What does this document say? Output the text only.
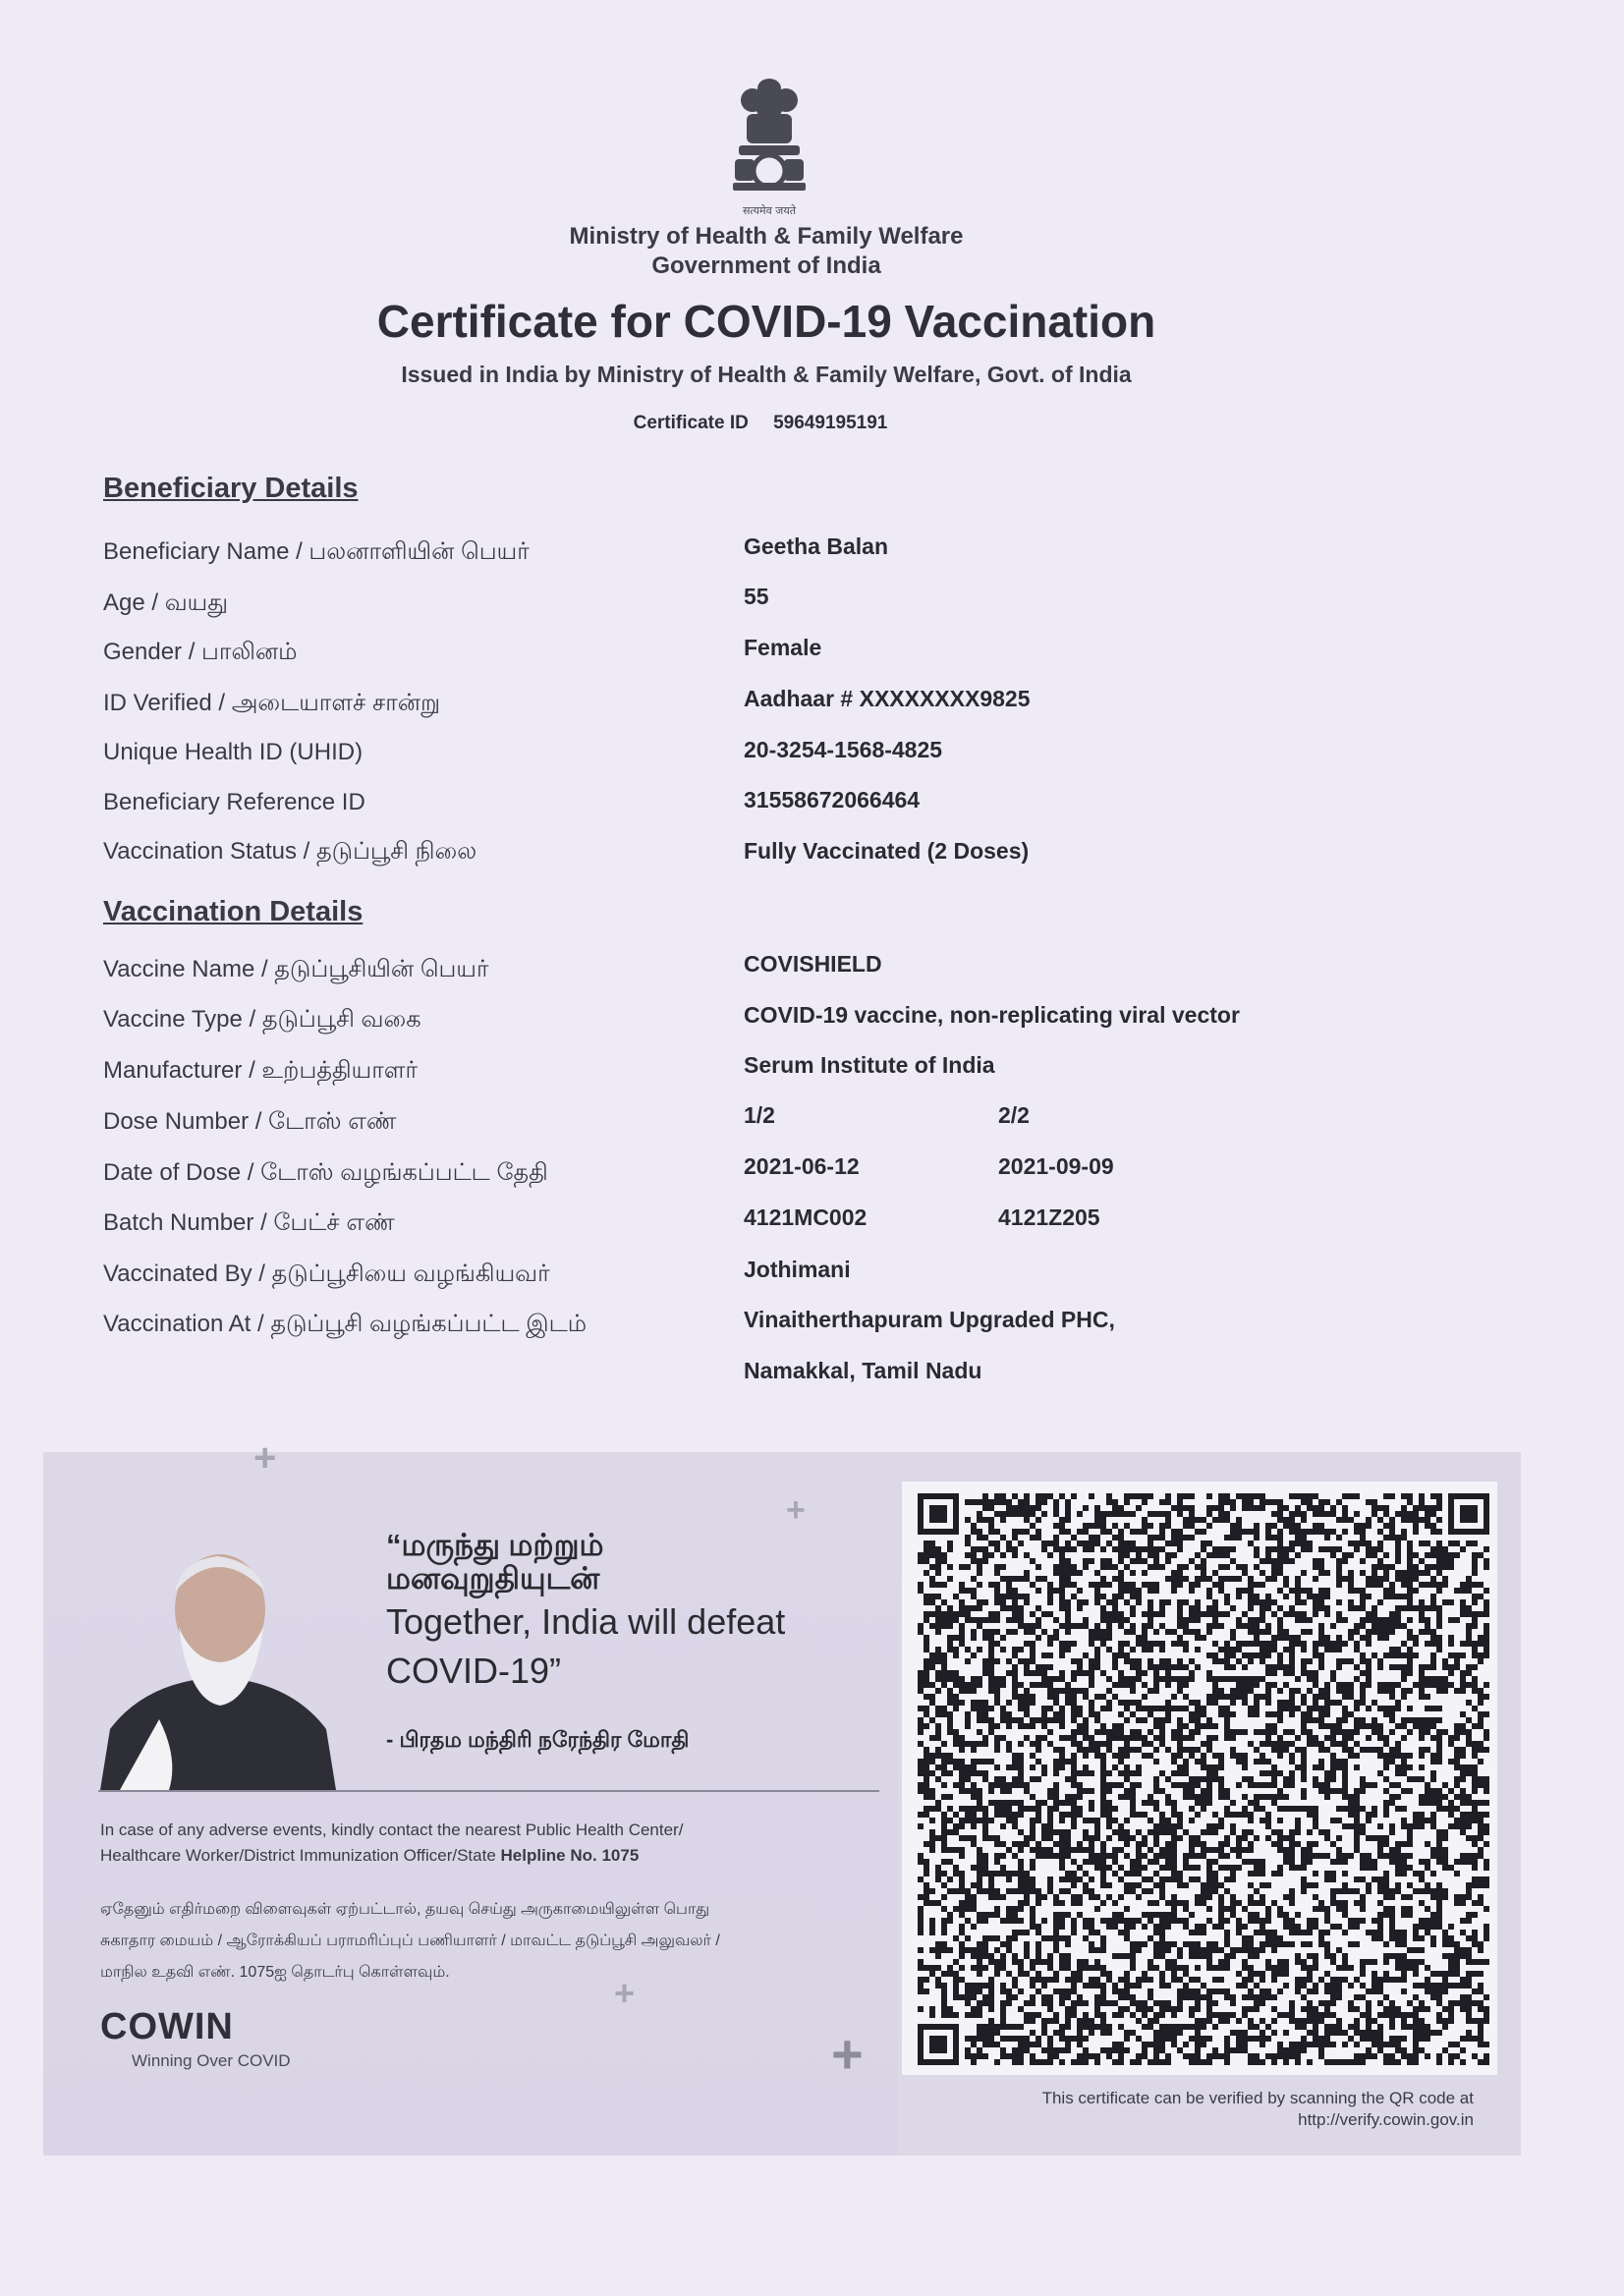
सत्यमेव जयते
Ministry of Health & Family Welfare
Government of India
Certificate for COVID-19 Vaccination
Issued in India by Ministry of Health & Family Welfare, Govt. of India
Certificate ID 59649195191
Beneficiary Details
Beneficiary Name / பலனாளியின் பெயர்	Geetha Balan
Age / வயது	55
Gender / பாலினம்	Female
ID Verified / அடையாளச் சான்று	Aadhaar # XXXXXXXX9825
Unique Health ID (UHID)	20-3254-1568-4825
Beneficiary Reference ID	31558672066464
Vaccination Status / தடுப்பூசி நிலை	Fully Vaccinated (2 Doses)
Vaccination Details
Vaccine Name / தடுப்பூசியின் பெயர்	COVISHIELD
Vaccine Type / தடுப்பூசி வகை	COVID-19 vaccine, non-replicating viral vector
Manufacturer / உற்பத்தியாளர்	Serum Institute of India
Dose Number / டோஸ் எண்	1/2	2/2
Date of Dose / டோஸ் வழங்கப்பட்ட தேதி	2021-06-12	2021-09-09
Batch Number / பேட்ச் எண்	4121MC002	4121Z205
Vaccinated By / தடுப்பூசியை வழங்கியவர்	Jothimani
Vaccination At / தடுப்பூசி வழங்கப்பட்ட இடம்	Vinaitherthapuram Upgraded PHC,
Namakkal, Tamil Nadu
+
+
+
+
“மருந்து மற்றும்
மனவுறுதியுடன்
Together, India will defeat
COVID-19”
- பிரதம மந்திரி நரேந்திர மோதி
In case of any adverse events, kindly contact the nearest Public Health Center/
Healthcare Worker/District Immunization Officer/State Helpline No. 1075
ஏதேனும் எதிர்மறை விளைவுகள் ஏற்பட்டால், தயவு செய்து அருகாமையிலுள்ள பொது
சுகாதார மையம் / ஆரோக்கியப் பராமரிப்புப் பணியாளர் / மாவட்ட தடுப்பூசி அலுவலர் /
மாநில உதவி எண். 1075ஐ தொடர்பு கொள்ளவும்.
COWIN
Winning Over COVID
This certificate can be verified by scanning the QR code at
http://verify.cowin.gov.in
